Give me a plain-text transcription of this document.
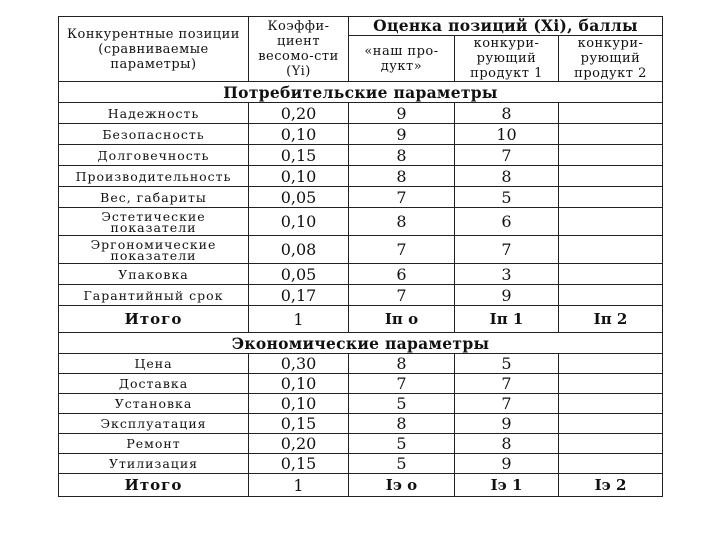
Конкурентные позиции (сравниваемые параметры)	Коэффи-циент весомо-сти (Yi)	Оценка позиций (Xi), баллы		
		«наш про-дукт»	конкури-рующий продукт 1	конкури-рующий продукт 2
Потребительские параметры				
Надежность	0,20	9	8	
Безопасность	0,10	9	10	
Долговечность	0,15	8	7	
Производительность	0,10	8	8	
Вес, габариты	0,05	7	5	
Эстетические показатели	0,10	8	6	
Эргономические показатели	0,08	7	7	
Упаковка	0,05	6	3	
Гарантийный срок	0,17	7	9	
Итого	1	Iп о	Iп 1	Iп 2
Экономические параметры				
Цена	0,30	8	5	
Доставка	0,10	7	7	
Установка	0,10	5	7	
Эксплуатация	0,15	8	9	
Ремонт	0,20	5	8	
Утилизация	0,15	5	9	
Итого	1	Iэ о	Iэ 1	Iэ 2
